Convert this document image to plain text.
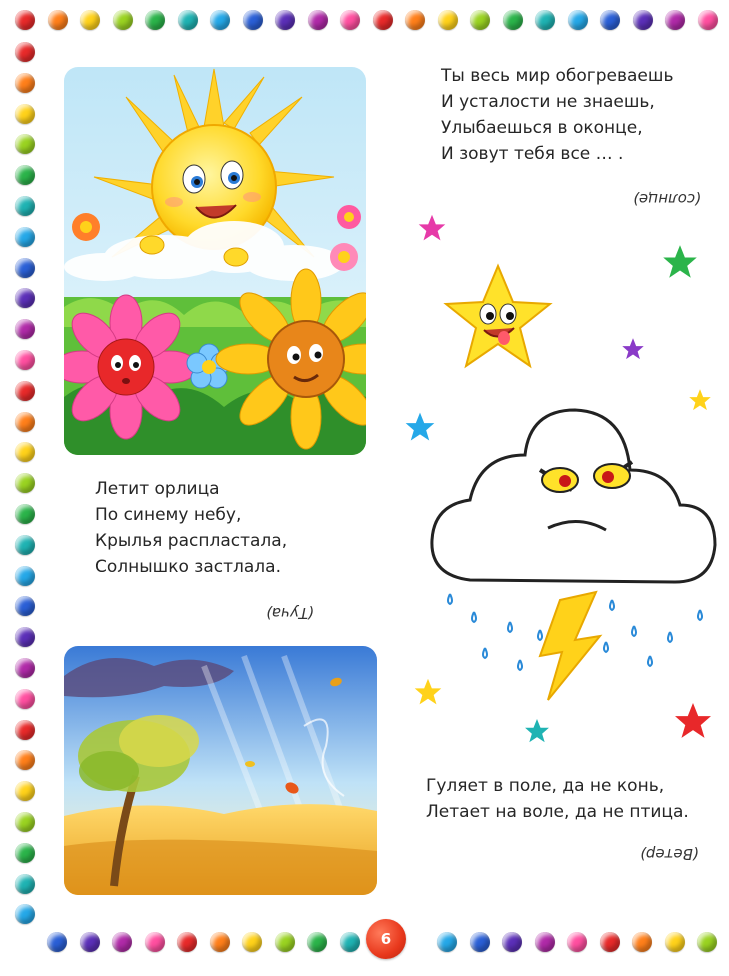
Ты весь мир обогреваешь
И усталости не знаешь,
Улыбаешься в оконце,
И зовут тебя все … .
(солнце)
Летит орлица
По синему небу,
Крылья распластала,
Солнышко застлала.
(Туча)
Гуляет в поле, да не конь,
Летает на воле, да не птица.
(Ветер)
6
